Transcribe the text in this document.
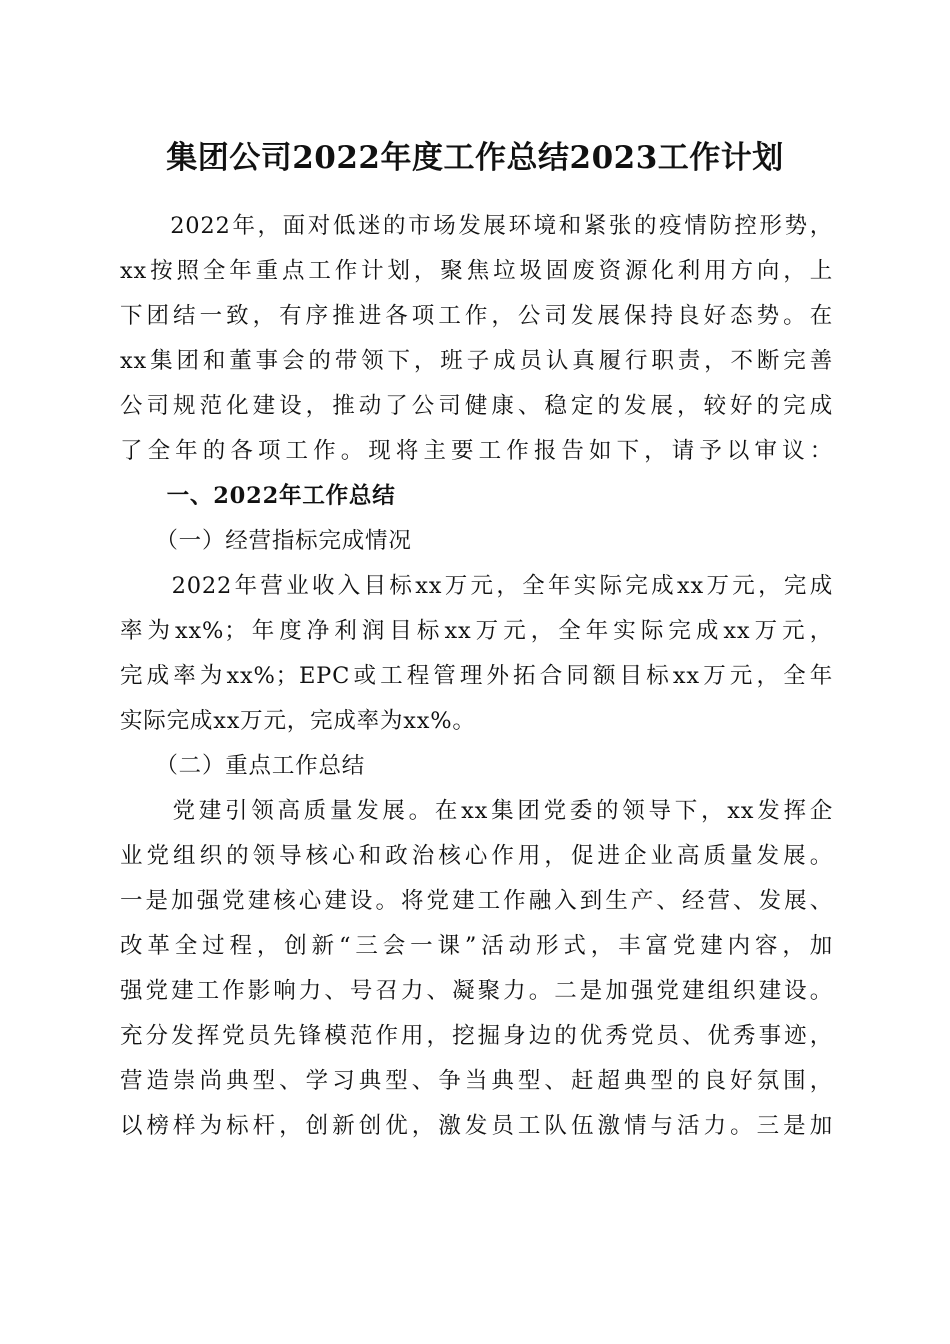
集团公司2022年度工作总结2023工作计划
　　2022年，面对低迷的市场发展环境和紧张的疫情防控形势，
xx按照全年重点工作计划，聚焦垃圾固废资源化利用方向，上
下团结一致，有序推进各项工作，公司发展保持良好态势。在
xx集团和董事会的带领下，班子成员认真履行职责，不断完善
公司规范化建设，推动了公司健康、稳定的发展，较好的完成
了全年的各项工作。现将主要工作报告如下，请予以审议：
　　一、2022年工作总结
　　（一）经营指标完成情况
　　2022年营业收入目标xx万元，全年实际完成xx万元，完成
率为xx%；年度净利润目标xx万元，全年实际完成xx万元，
完成率为xx%；EPC或工程管理外拓合同额目标xx万元，全年
实际完成xx万元，完成率为xx%。
　　（二）重点工作总结
　　党建引领高质量发展。在xx集团党委的领导下，xx发挥企
业党组织的领导核心和政治核心作用，促进企业高质量发展。
一是加强党建核心建设。将党建工作融入到生产、经营、发展、
改革全过程，创新“三会一课”活动形式，丰富党建内容，加
强党建工作影响力、号召力、凝聚力。二是加强党建组织建设。
充分发挥党员先锋模范作用，挖掘身边的优秀党员、优秀事迹，
营造崇尚典型、学习典型、争当典型、赶超典型的良好氛围，
以榜样为标杆，创新创优，激发员工队伍激情与活力。三是加
